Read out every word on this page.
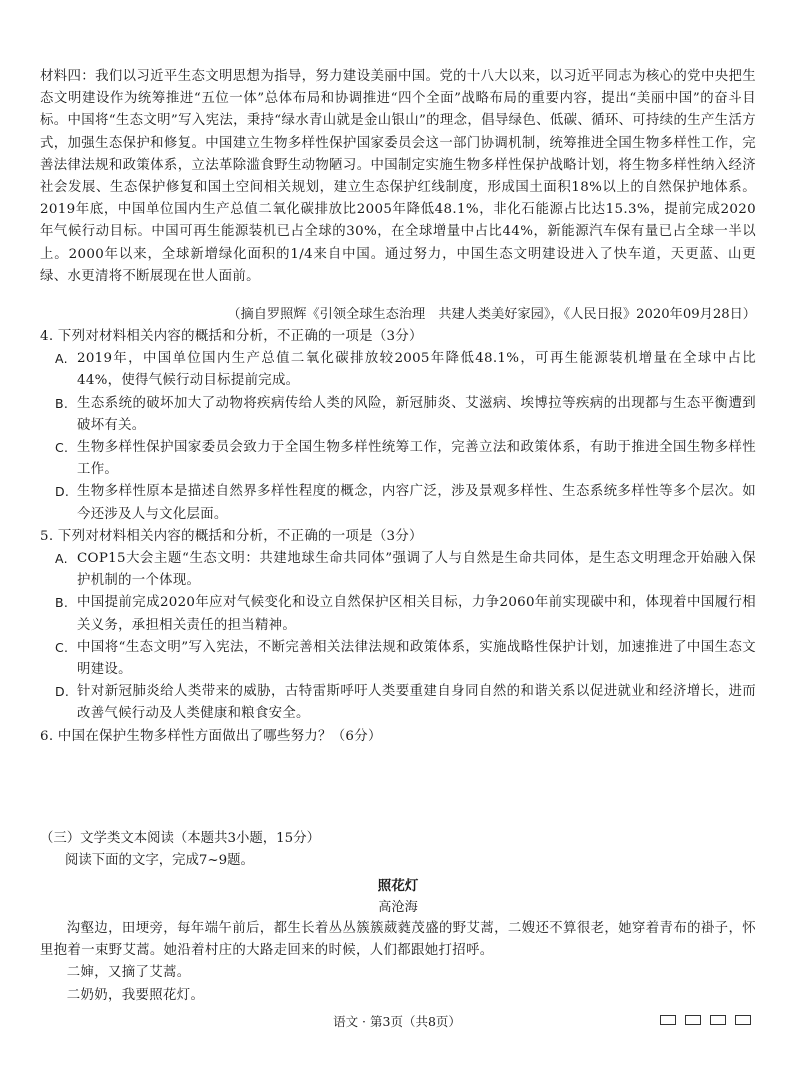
材料四：我们以习近平生态文明思想为指导，努力建设美丽中国。党的十八大以来，以习近平同志为核心的党中央把生态文明建设作为统筹推进“五位一体”总体布局和协调推进“四个全面”战略布局的重要内容，提出“美丽中国”的奋斗目标。中国将“生态文明”写入宪法，秉持“绿水青山就是金山银山”的理念，倡导绿色、低碳、循环、可持续的生产生活方式，加强生态保护和修复。中国建立生物多样性保护国家委员会这一部门协调机制，统筹推进全国生物多样性工作，完善法律法规和政策体系，立法革除滥食野生动物陋习。中国制定实施生物多样性保护战略计划，将生物多样性纳入经济社会发展、生态保护修复和国土空间相关规划，建立生态保护红线制度，形成国土面积18%以上的自然保护地体系。2019年底，中国单位国内生产总值二氧化碳排放比2005年降低48.1%，非化石能源占比达15.3%，提前完成2020年气候行动目标。中国可再生能源装机已占全球的30%，在全球增量中占比44%，新能源汽车保有量已占全球一半以上。2000年以来，全球新增绿化面积的1/4来自中国。通过努力，中国生态文明建设进入了快车道，天更蓝、山更绿、水更清将不断展现在世人面前。
（摘自罗照辉《引领全球生态治理　共建人类美好家园》，《人民日报》2020年09月28日）
4. 下列对材料相关内容的概括和分析，不正确的一项是（3分）
A. 2019年，中国单位国内生产总值二氧化碳排放较2005年降低48.1%，可再生能源装机增量在全球中占比44%，使得气候行动目标提前完成。
B. 生态系统的破坏加大了动物将疾病传给人类的风险，新冠肺炎、艾滋病、埃博拉等疾病的出现都与生态平衡遭到破坏有关。
C. 生物多样性保护国家委员会致力于全国生物多样性统筹工作，完善立法和政策体系，有助于推进全国生物多样性工作。
D. 生物多样性原本是描述自然界多样性程度的概念，内容广泛，涉及景观多样性、生态系统多样性等多个层次。如今还涉及人与文化层面。
5. 下列对材料相关内容的概括和分析，不正确的一项是（3分）
A. COP15大会主题“生态文明：共建地球生命共同体”强调了人与自然是生命共同体，是生态文明理念开始融入保护机制的一个体现。
B. 中国提前完成2020年应对气候变化和设立自然保护区相关目标，力争2060年前实现碳中和，体现着中国履行相关义务，承担相关责任的担当精神。
C. 中国将“生态文明”写入宪法，不断完善相关法律法规和政策体系，实施战略性保护计划，加速推进了中国生态文明建设。
D. 针对新冠肺炎给人类带来的威胁，古特雷斯呼吁人类要重建自身同自然的和谐关系以促进就业和经济增长，进而改善气候行动及人类健康和粮食安全。
6. 中国在保护生物多样性方面做出了哪些努力？（6分）
（三）文学类文本阅读（本题共3小题，15分）
阅读下面的文字，完成7~9题。
照花灯
高沧海
沟壑边，田埂旁，每年端午前后，都生长着丛丛簇簇葳蕤茂盛的野艾蒿，二嫂还不算很老，她穿着青布的褂子，怀里抱着一束野艾蒿。她沿着村庄的大路走回来的时候，人们都跟她打招呼。
二婶，又摘了艾蒿。
二奶奶，我要照花灯。
语文 · 第3页（共8页）
